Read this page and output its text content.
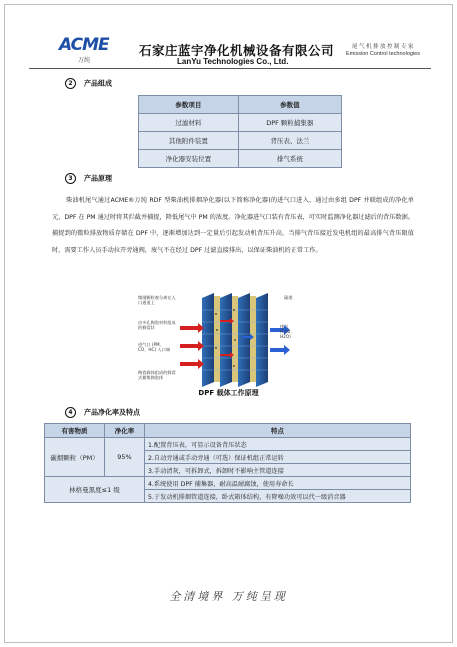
ACME
万纯
石家庄蓝宇净化机械设备有限公司
LanYu Technologies Co., Ltd.
尾气机排放控制专家
Emission Control technologies
2 产品组成
参数项目	参数值
过滤材料	DPF 颗粒捕集器
其他附件装置	背压表、法兰
净化器安装位置	排气系统
3 产品原理
柴油机尾气通过ACME®万纯 RDF 型柴油机排烟净化器(以下简称净化器)的进气口进入，通过由多组 DPF 并联组成的净化单元，DPF 在 PM 通过时将其拦截并捕捉，降低尾气中 PM 的浓度。净化器进气口装有背压表，可实时监测净化器过滤后的背压数据。捕捉到的微粒排放物质存储在 DPF 中，逐渐增加达到一定量后引起发动机背压升高，当排气背压接近发电机组的最高排气背压限值时，需要工作人员手动拉开旁通阀，废气不在经过 DPF 过滤直接排出，以保证柴油机的正常工作。
微细颗粒被分离在入口通道上
由多孔陶瓷材料组成的蜂窝状
进气口 (PM、CO、HC) 入口端
陶瓷载体组成的蜂窝式捕集陶瓷体
碳烟
排气 (CO2、H2O)
DPF 载体工作原理
4 产品净化率及特点
有害物质	净化率	特点
碳烟颗粒（PM）	95%	1.配置背压表，可显示设备背压状态
		2.自动旁通或手动旁通（可选）保证机组正常运转
		3.手动清灰，可拆卸式，拆卸时不影响主管道连接
林格曼黑度≤1 级		4.系统使用 DPF 捕集器，耐高温耐腐蚀，使用寿命长
		5.于发动机排烟管道连接，卧式箱体结构，有降噪功效可以代一级消音器
全清境界 万纯呈现
